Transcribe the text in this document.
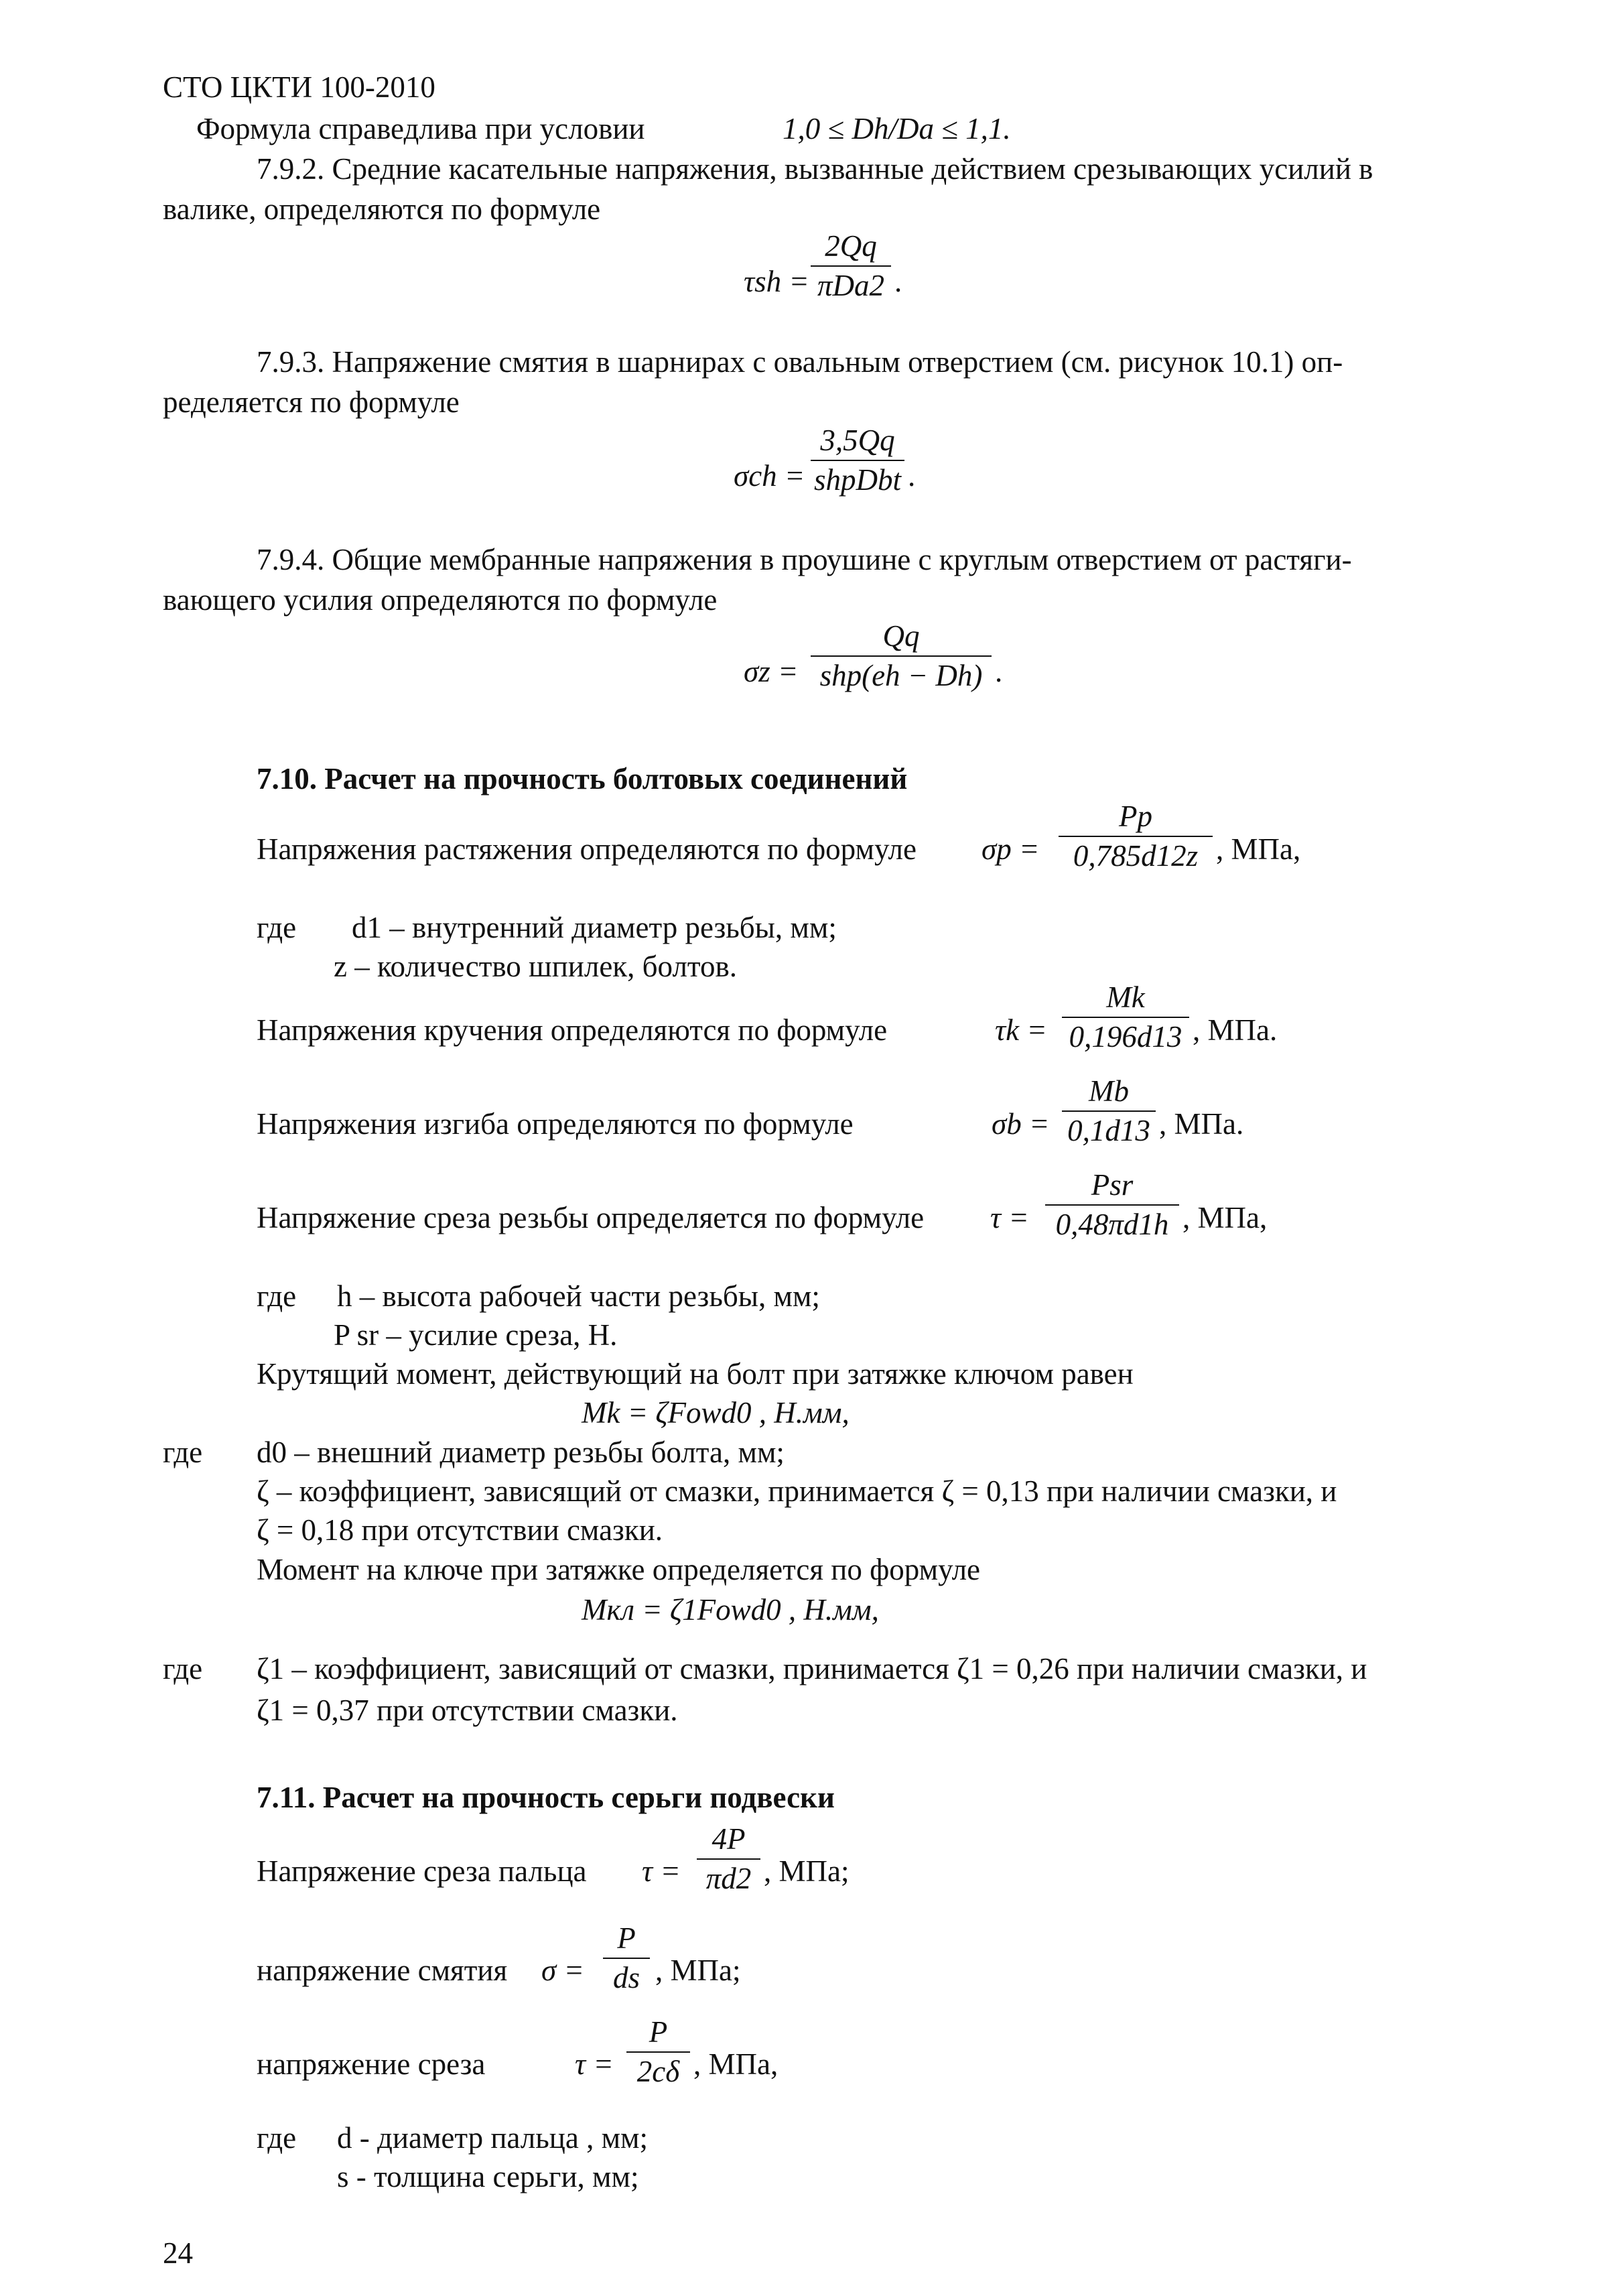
СТО ЦКТИ 100-2010
Формула справедлива при условии	1,0 ≤ Dh/Da ≤ 1,1.
7.9.2. Средние касательные напряжения, вызванные действием срезывающих усилий в
валике, определяются по формуле
τsh =
2Qq
πDa2 .
7.9.3. Напряжение смятия в шарнирах с овальным отверстием (см. рисунок 10.1) оп-
ределяется по формуле
σch =
3,5Qq
shpDbt .
7.9.4. Общие мембранные напряжения в проушине с круглым отверстием от растяги-
вающего усилия определяются по формуле
σz =
Qq
shp(eh − Dh) .
7.10. Расчет на прочность болтовых соединений
Напряжения растяжения определяются по формуле σp =
Pp
0,785d12z , МПа,
где d1 – внутренний диаметр резьбы, мм;
z – количество шпилек, болтов.
Напряжения кручения определяются по формуле	τk =
Mk
0,196d13 , МПа.
Напряжения изгиба определяются по формуле	σb =
Mb
0,1d13 , МПа.
Напряжение среза резьбы определяется по формуле τ =
Psr
0,48πd1h , МПа,
где h – высота рабочей части резьбы, мм;
P sr – усилие среза, Н.
Крутящий момент, действующий на болт при затяжке ключом равен
Mk = ζFowd0 , Н.мм,
где d0 – внешний диаметр резьбы болта, мм;
ζ – коэффициент, зависящий от смазки, принимается ζ = 0,13 при наличии смазки, и
ζ = 0,18 при отсутствии смазки.
Момент на ключе при затяжке определяется по формуле
Mкл = ζ1Fowd0 , Н.мм,
где ζ1 – коэффициент, зависящий от смазки, принимается ζ1 = 0,26 при наличии смазки, и
ζ1 = 0,37 при отсутствии смазки.
7.11. Расчет на прочность серьги подвески
Напряжение среза пальца τ =
4P
πd2 , МПа;
напряжение смятия σ =
P
ds , МПа;
напряжение среза	τ =
P
2cδ , МПа,
где d - диаметр пальца , мм;
s - толщина серьги, мм;
24
